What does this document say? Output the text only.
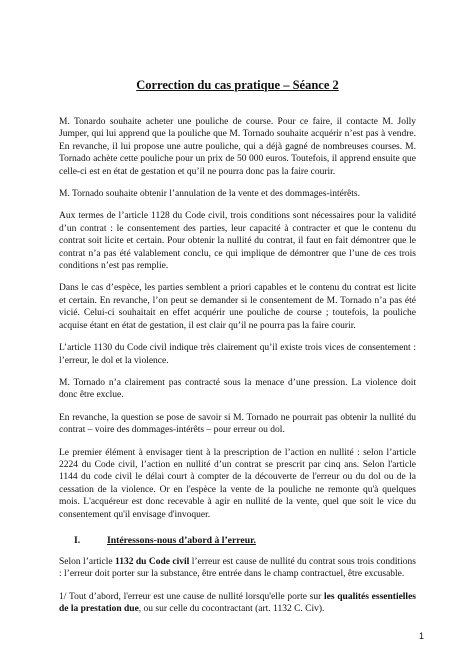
Correction du cas pratique – Séance 2

M. Tonardo souhaite acheter une pouliche de course. Pour ce faire, il contacte M. Jolly Jumper, qui lui apprend que la pouliche que M. Tornado souhaite acquérir n’est pas à vendre. En revanche, il lui propose une autre pouliche, qui a déjà gagné de nombreuses courses. M. Tornado achète cette pouliche pour un prix de 50 000 euros. Toutefois, il apprend ensuite que celle-ci est en état de gestation et qu’il ne pourra donc pas la faire courir.

M. Tornado souhaite obtenir l’annulation de la vente et des dommages-intérêts.

Aux termes de l’article 1128 du Code civil, trois conditions sont nécessaires pour la validité d’un contrat : le consentement des parties, leur capacité à contracter et que le contenu du contrat soit licite et certain. Pour obtenir la nullité du contrat, il faut en fait démontrer que le contrat n’a pas été valablement conclu, ce qui implique de démontrer que l’une de ces trois conditions n’est pas remplie.

Dans le cas d’espèce, les parties semblent a priori capables et le contenu du contrat est licite et certain. En revanche, l’on peut se demander si le consentement de M. Tornado n’a pas été vicié. Celui-ci souhaitait en effet acquérir une pouliche de course ; toutefois, la pouliche acquise étant en état de gestation, il est clair qu’il ne pourra pas la faire courir.

L’article 1130 du Code civil indique très clairement qu’il existe trois vices de consentement : l’erreur, le dol et la violence.

M. Tornado n’a clairement pas contracté sous la menace d’une pression. La violence doit donc être exclue.

En revanche, la question se pose de savoir si M. Tornado ne pourrait pas obtenir la nullité du contrat – voire des dommages-intérêts – pour erreur ou dol.

Le premier élément à envisager tient à la prescription de l’action en nullité : selon l’article 2224 du Code civil, l’action en nullité d’un contrat se prescrit par cinq ans. Selon l'article 1144 du code civil le délai court à compter de la découverte de l'erreur ou du dol ou de la cessation de la violence. Or en l'espèce la vente de la pouliche ne remonte qu'à quelques mois. L'acquéreur est donc recevable à agir en nullité de la vente, quel que soit le vice du consentement qu'il envisage d'invoquer.

I.	Intéressons-nous d’abord à l’erreur.

Selon l’article 1132 du Code civil l’erreur est cause de nullité du contrat sous trois conditions : l’erreur doit porter sur la substance, être entrée dans le champ contractuel, être excusable.

1/ Tout d’abord, l'erreur est une cause de nullité lorsqu'elle porte sur les qualités essentielles de la prestation due, ou sur celle du cocontractant (art. 1132 C. Civ).

1
